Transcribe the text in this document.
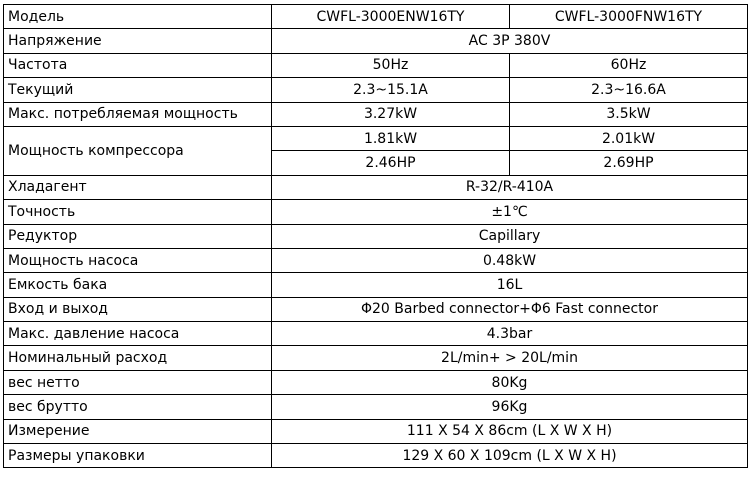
Модель	CWFL-3000ENW16TY	CWFL-3000FNW16TY
Напряжение	AC 3P 380V	
Частота	50Hz	60Hz
Текущий	2.3~15.1A	2.3~16.6A
Макс. потребляемая мощность	3.27kW	3.5kW
Мощность компрессора	1.81kW	2.01kW
	2.46HP	2.69HP
Хладагент	R-32/R-410A	
Точность	±1℃	
Редуктор	Capillary	
Мощность насоса	0.48kW	
Емкость бака	16L	
Вход и выход	Φ20 Barbed connector+Φ6 Fast connector	
Макс. давление насоса	4.3bar	
Номинальный расход	2L/min+ > 20L/min	
вес нетто	80Kg	
вес брутто	96Kg	
Измерение	111 X 54 X 86cm (L X W X H)	
Размеры упаковки	129 X 60 X 109cm (L X W X H)	
